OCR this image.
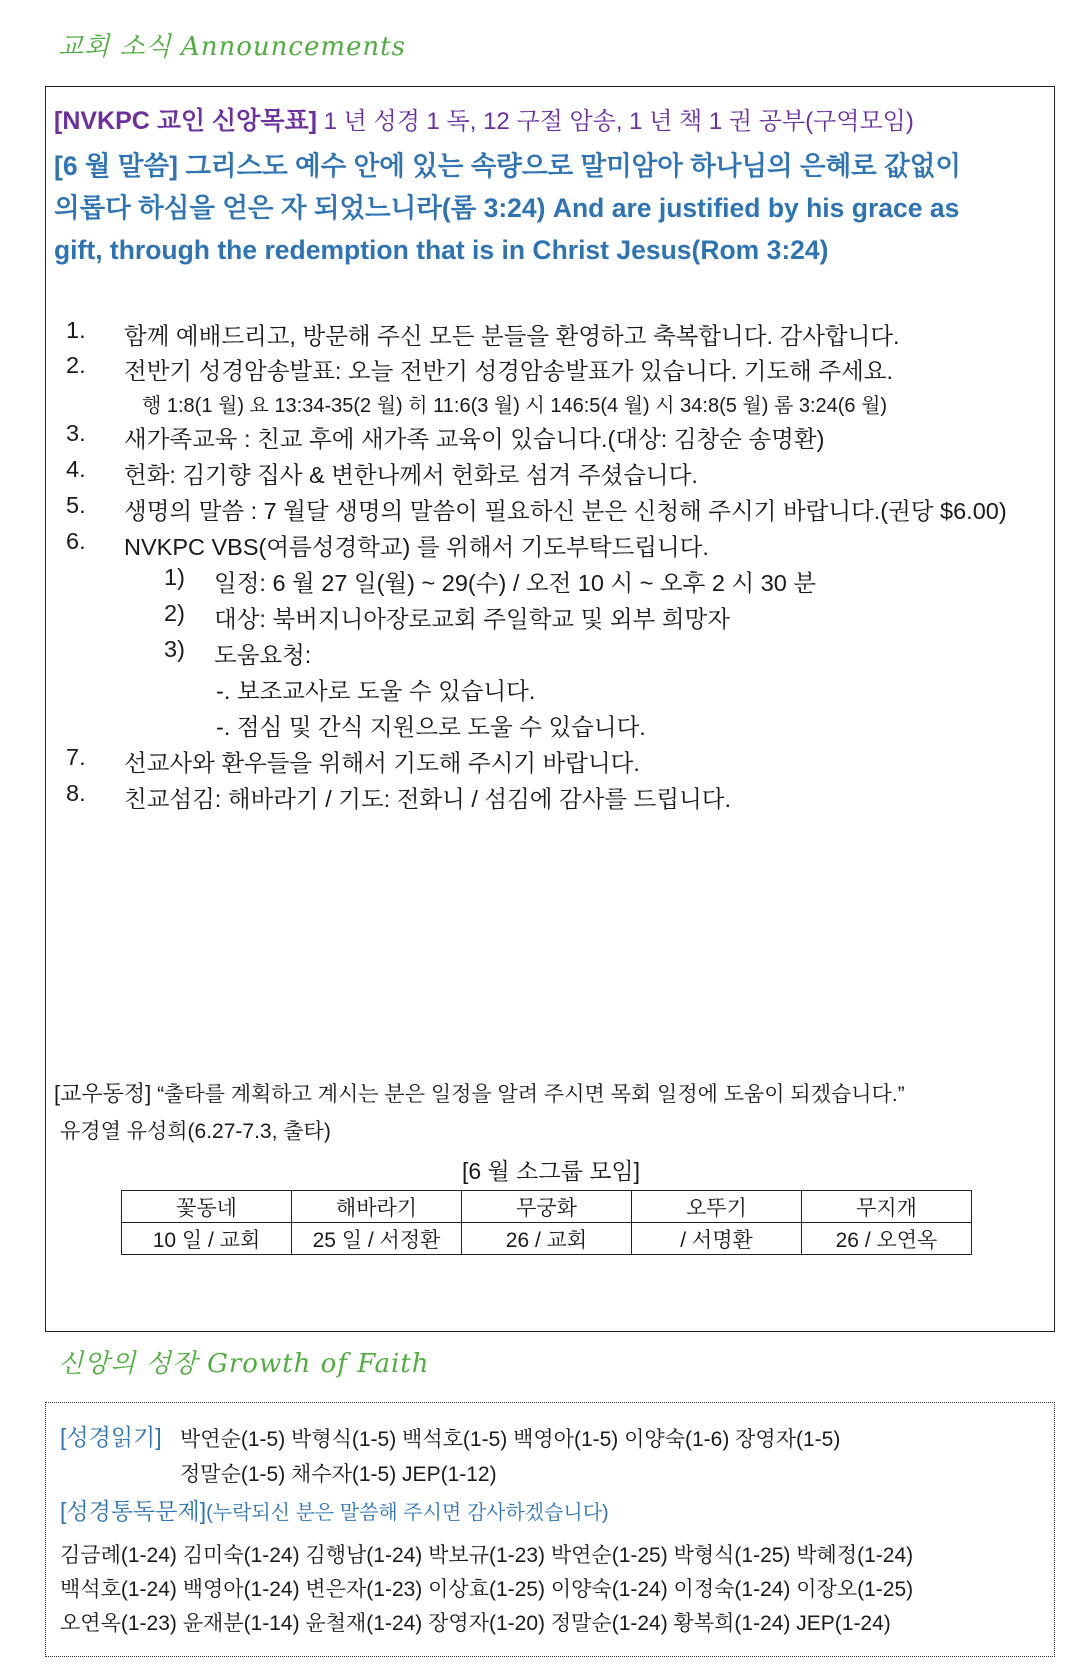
교회 소식 Announcements
[NVKPC 교인 신앙목표] 1 년 성경 1 독, 12 구절 암송, 1 년 책 1 권 공부(구역모임)
[6 월 말씀] 그리스도 예수 안에 있는 속량으로 말미암아 하나님의 은혜로 값없이
의롭다 하심을 얻은 자 되었느니라(롬 3:24) And are justified by his grace as
gift, through the redemption that is in Christ Jesus(Rom 3:24)
1.	함께 예배드리고, 방문해 주신 모든 분들을 환영하고 축복합니다. 감사합니다.
2.	전반기 성경암송발표: 오늘 전반기 성경암송발표가 있습니다. 기도해 주세요.
행 1:8(1 월) 요 13:34-35(2 월) 히 11:6(3 월) 시 146:5(4 월) 시 34:8(5 월) 롬 3:24(6 월)
3.	새가족교육 : 친교 후에 새가족 교육이 있습니다.(대상: 김창순 송명환)
4.	헌화: 김기향 집사 & 변한나께서 헌화로 섬겨 주셨습니다.
5.	생명의 말씀 : 7 월달 생명의 말씀이 필요하신 분은 신청해 주시기 바랍니다.(권당 $6.00)
6.	NVKPC VBS(여름성경학교) 를 위해서 기도부탁드립니다.
1) 일정: 6 월 27 일(월) ~ 29(수) / 오전 10 시 ~ 오후 2 시 30 분
2) 대상: 북버지니아장로교회 주일학교 및 외부 희망자
3) 도움요청:
-. 보조교사로 도울 수 있습니다.
-. 점심 및 간식 지원으로 도울 수 있습니다.
7.	선교사와 환우들을 위해서 기도해 주시기 바랍니다.
8.	친교섬김: 해바라기 / 기도: 전화니 / 섬김에 감사를 드립니다.
[교우동정] “출타를 계획하고 계시는 분은 일정을 알려 주시면 목회 일정에 도움이 되겠습니다.”
유경열 유성희(6.27-7.3, 출타)
[6 월 소그룹 모임]
꽃동네	해바라기	무궁화	오뚜기	무지개
10 일 / 교회	25 일 / 서정환	26 / 교회	/ 서명환	26 / 오연옥
신앙의 성장 Growth of Faith
[성경읽기] 박연순(1-5) 박형식(1-5) 백석호(1-5) 백영아(1-5) 이양숙(1-6) 장영자(1-5)
정말순(1-5) 채수자(1-5) JEP(1-12)
[성경통독문제](누락되신 분은 말씀해 주시면 감사하겠습니다)
김금례(1-24) 김미숙(1-24) 김행남(1-24) 박보규(1-23) 박연순(1-25) 박형식(1-25) 박혜정(1-24)
백석호(1-24) 백영아(1-24) 변은자(1-23) 이상효(1-25) 이양숙(1-24) 이정숙(1-24) 이장오(1-25)
오연옥(1-23) 윤재분(1-14) 윤철재(1-24) 장영자(1-20) 정말순(1-24) 황복희(1-24) JEP(1-24)
